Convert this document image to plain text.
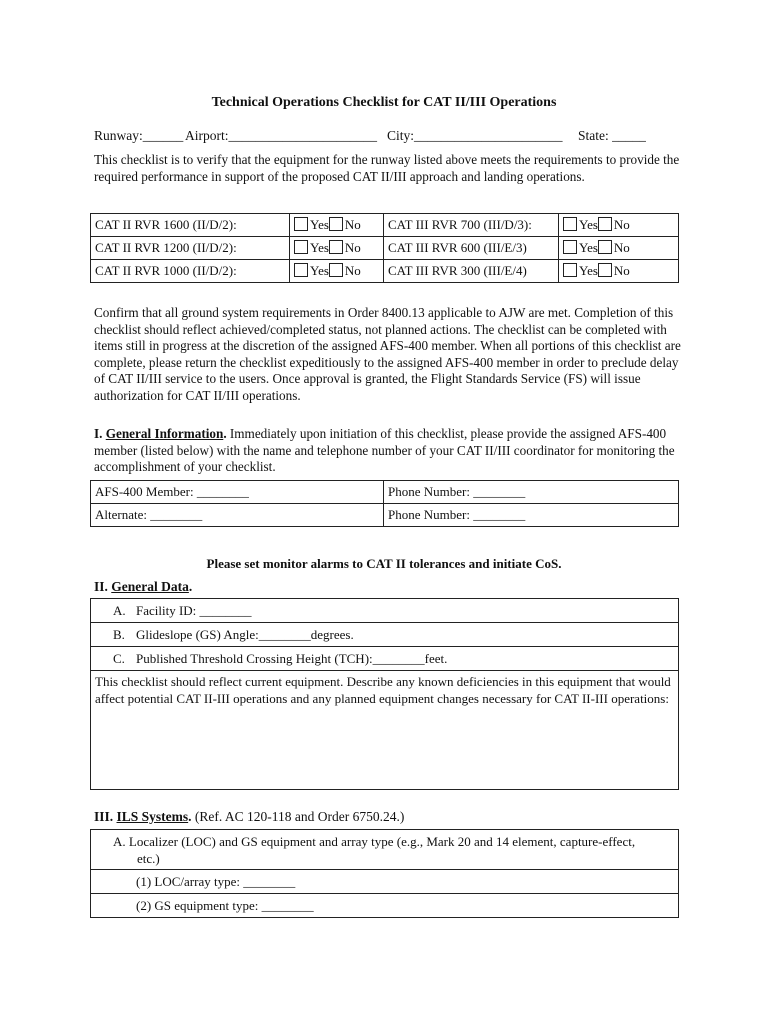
Technical Operations Checklist for CAT II/III Operations
Runway:______ Airport:______________________ City:______________________ State: _____
This checklist is to verify that the equipment for the runway listed above meets the requirements to provide the required performance in support of the proposed CAT II/III approach and landing operations.
CAT II RVR 1600 (II/D/2):	Yes No	CAT III RVR 700 (III/D/3):	Yes No
CAT II RVR 1200 (II/D/2):	Yes No	CAT III RVR 600 (III/E/3)	Yes No
CAT II RVR 1000 (II/D/2):	Yes No	CAT III RVR 300 (III/E/4)	Yes No
Confirm that all ground system requirements in Order 8400.13 applicable to AJW are met. Completion of this checklist should reflect achieved/completed status, not planned actions. The checklist can be completed with items still in progress at the discretion of the assigned AFS-400 member. When all portions of this checklist are complete, please return the checklist expeditiously to the assigned AFS-400 member in order to preclude delay of CAT II/III service to the users. Once approval is granted, the Flight Standards Service (FS) will issue authorization for CAT II/III operations.
I. General Information. Immediately upon initiation of this checklist, please provide the assigned AFS-400 member (listed below) with the name and telephone number of your CAT II/III coordinator for monitoring the accomplishment of your checklist.
AFS-400 Member: ________	Phone Number: ________
Alternate: ________	Phone Number: ________
Please set monitor alarms to CAT II tolerances and initiate CoS.
II. General Data.
A. Facility ID: ________
B. Glideslope (GS) Angle:________degrees.
C. Published Threshold Crossing Height (TCH):________feet.
This checklist should reflect current equipment. Describe any known deficiencies in this equipment that would affect potential CAT II-III operations and any planned equipment changes necessary for CAT II-III operations:
III. ILS Systems. (Ref. AC 120-118 and Order 6750.24.)
A. Localizer (LOC) and GS equipment and array type (e.g., Mark 20 and 14 element, capture-effect,
etc.)
(1) LOC/array type: ________
(2) GS equipment type: ________
